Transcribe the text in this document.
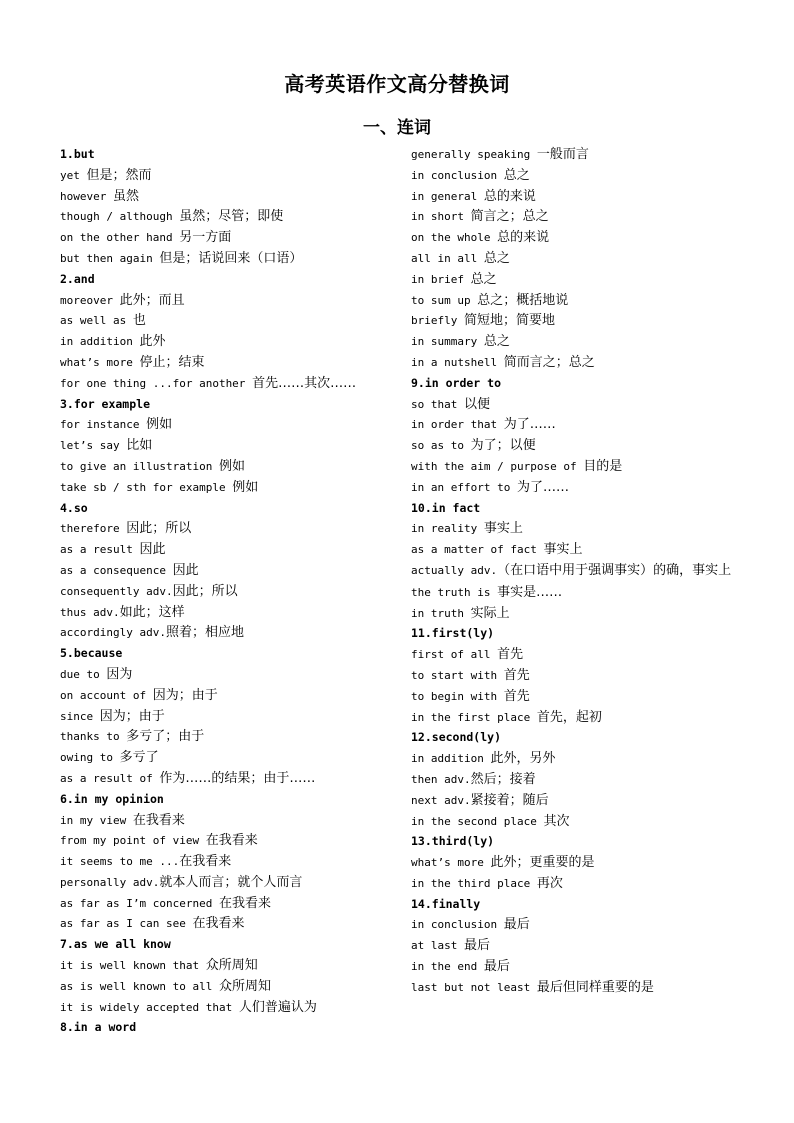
高考英语作文高分替换词
一、连词
1.but
yet 但是；然而
however 虽然
though / although 虽然；尽管；即使
on the other hand 另一方面
but then again 但是；话说回来（口语）
2.and
moreover 此外；而且
as well as 也
in addition 此外
what’s more 停止；结束
for one thing ...for another 首先……其次……
3.for example
for instance 例如
let’s say 比如
to give an illustration 例如
take sb / sth for example 例如
4.so
therefore 因此；所以
as a result 因此
as a consequence 因此
consequently adv.因此；所以
thus adv.如此；这样
accordingly adv.照着；相应地
5.because
due to 因为
on account of 因为；由于
since 因为；由于
thanks to 多亏了；由于
owing to 多亏了
as a result of 作为……的结果；由于……
6.in my opinion
in my view 在我看来
from my point of view 在我看来
it seems to me ...在我看来
personally adv.就本人而言；就个人而言
as far as I’m concerned 在我看来
as far as I can see 在我看来
7.as we all know
it is well known that 众所周知
as is well known to all 众所周知
it is widely accepted that 人们普遍认为
8.in a word
generally speaking 一般而言
in conclusion 总之
in general 总的来说
in short 简言之；总之
on the whole 总的来说
all in all 总之
in brief 总之
to sum up 总之；概括地说
briefly 简短地；简要地
in summary 总之
in a nutshell 简而言之；总之
9.in order to
so that 以便
in order that 为了……
so as to 为了；以便
with the aim / purpose of 目的是
in an effort to 为了……
10.in fact
in reality 事实上
as a matter of fact 事实上
actually adv.（在口语中用于强调事实）的确，事实上
the truth is 事实是……
in truth 实际上
11.first(ly)
first of all 首先
to start with 首先
to begin with 首先
in the first place 首先，起初
12.second(ly)
in addition 此外，另外
then adv.然后；接着
next adv.紧接着；随后
in the second place 其次
13.third(ly)
what’s more 此外；更重要的是
in the third place 再次
14.finally
in conclusion 最后
at last 最后
in the end 最后
last but not least 最后但同样重要的是
